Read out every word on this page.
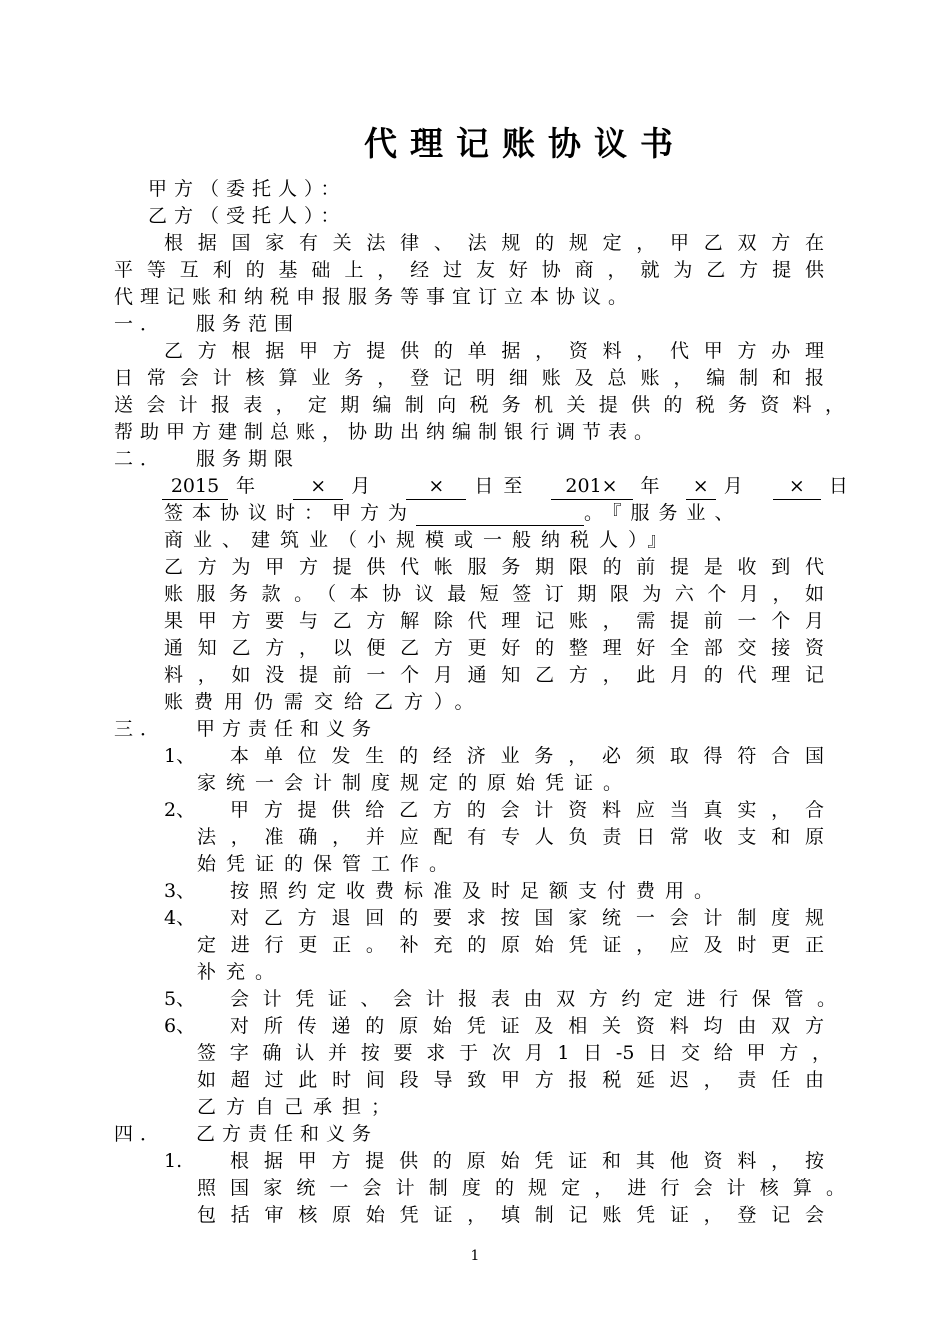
代理记账协议书
甲方（委托人）：
乙方（受托人）：
根据国家有关法律、法规的规定，甲乙双方在
平等互利的基础上，经过友好协商，就为乙方提供
代理记账和纳税申报服务等事宜订立本协议。
一． 服务范围
乙方根据甲方提供的单据，资料，代甲方办理
日常会计核算业务，登记明细账及总账，编制和报
送会计报表，定期编制向税务机关提供的税务资料，
帮助甲方建制总账，协助出纳编制银行调节表。
二． 服务期限
2015 年	× 月	× 日 至 201× 年 × 月 × 日
签本协议时：甲方为	。『服务业、
商业、建筑业（小规模或一般纳税人）』
乙方为甲方提供代帐服务期限的前提是收到代
账服务款。（本协议最短签订期限为六个月，如
果甲方要与乙方解除代理记账，需提前一个月
通知乙方，以便乙方更好的整理好全部交接资
料，如没提前一个月通知乙方，此月的代理记
账费用仍需交给乙方）。
三． 甲方责任和义务
1、 本单位发生的经济业务，必须取得符合国
家统一会计制度规定的原始凭证。
2、 甲方提供给乙方的会计资料应当真实，合
法，准确，并应配有专人负责日常收支和原
始凭证的保管工作。
3、 按照约定收费标准及时足额支付费用。
4、 对乙方退回的要求按国家统一会计制度规
定进行更正。补充的原始凭证，应及时更正
补充。
5、 会计凭证、会计报表由双方约定进行保管。
6、 对所传递的原始凭证及相关资料均由双方
签字确认并按要求于次月1日-5日交给甲方，
如超过此时间段导致甲方报税延迟，责任由
乙方自己承担；
四． 乙方责任和义务
1.	根据甲方提供的原始凭证和其他资料，按
照国家统一会计制度的规定，进行会计核算。
包括审核原始凭证，填制记账凭证，登记会
1
